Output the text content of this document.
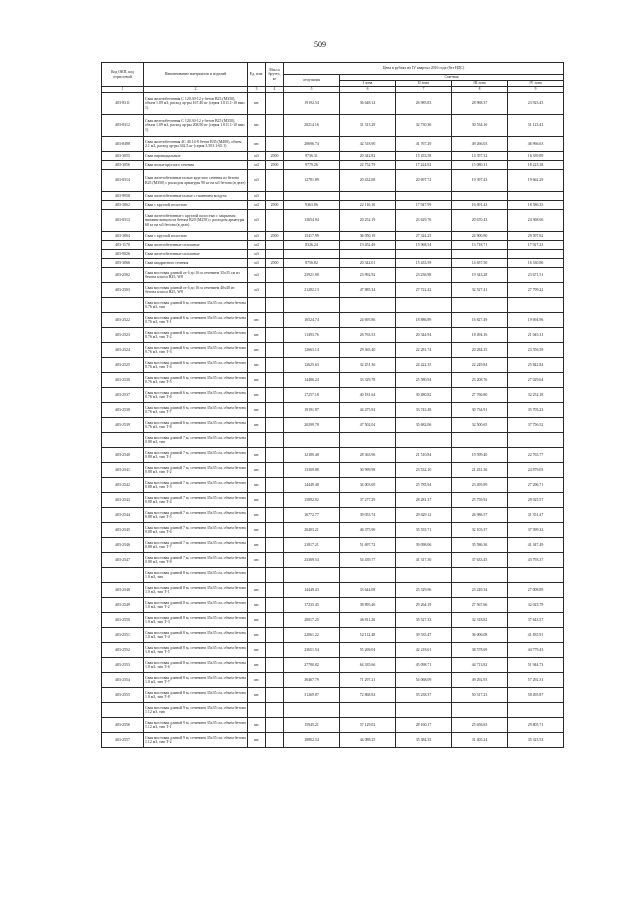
509
Код ОКП, код отраслевой	Наименование материалов и изделий	Ед. изм.	Масса брутто, кг	Цена в рублях на IV квартал 2016 года (без НДС)				
				отпускная	Сметная			
					I зона	II зона	III зона	IV зона
1	2	3	4	5	6	7	8	9
403-8311	Свая железобетонная С 120.30-12 у бетон В25 (М350), объем 1.09 м3, расход ар-ры 167.40 кг (серия 1.011.1-10 вып. 1)	шт.		19192.54	36 648.12	26 985.83	28 968.37	23 923.45
403-8312	Свая железобетонная С 120.30-12 у бетон В25 (М350), объем 1.09 м3, расход ар-ры 208.90 кг (серия 1.011.1-10 вып. 1)	шт.		20214.16	31 313.29	32 730.36	30 534.16	31 123.41
403-8498	Свая железобетонная 4С 40.14-8 бетон В35 (М400), объем 2.1 м3, расход ар-ры 342.5 кг (серия 3.503.1-65.1)	шт.		28696.74	42 518.90	41 767.29	49 266.03	46 966.63
403-3055	Сваи пирамидальные	м3	2500	9736.31	20 342.82	15 433.58	14 357.32	16 339.89
403-3056	Сваи полые круглого сечения	м3	2500	9779.26	22 752.79	17 224.92	15 080.31	18 223.38
403-8314	Сваи железобетонные полые круглого сечения из бетона В25 (М350) с расходом арматуры 90 кг на м3 бетона (в деле)	м3		12781.89	20 432.68	20 697.72	19 397.43	19 662.29
403-9058	Сваи железобетонные полые с гашением воздуха	м3						
403-3062	Сваи с круглой полостью	м3	2500	9363.86	22 116.10	17 947.99	16 491.43	18 586.35
403-8313	Сваи железобетонные с круглой полостью с закрытым нижним концом из бетона В20 (М250) с расходом арматуры 60 кг на м3 бетона (в деле)	м3		13654.94	20 252.19	23 629.76	20 670.43	24 368.66
403-3064	Сваи с круглой полостью	м3	2500	15417.99	36 050.19	27 324.25	24 900.90	29 597.62
403-1170	Сваи железобетонные сплошные	м3		8326.24	19 452.49	15 968.54	13 718.71	17 927.23
403-9026	Сваи железобетонные сплошные	м3						
403-3066	Сваи квадратного сечения	м3	2500	8756.82	20 342.01	15 433.59	14 657.50	16 330.86
403-2502	Свая мостовая длиной от 6 до 16 м сечением 35х35 см из бетона класса В25, W8	м3		23921.90	23 992.92	23 236.98	19 343.28	23 671.51
403-2503	Свая мостовая длиной от 6 до 16 м сечением 40х40 из бетона класса В25, W8	м3		21282.13	47 885.34	27 722.42	32 527.41	27 799.22
	Свая мостовая длиной 6 м, сечением 35х35 см, объем бетона 0.76 м3, тип							
403-2522	Свая мостовая длиной 6 м, сечением 35х35 см, объем бетона 0.76 м3, тип Т-1	шт.		16524.74	24 695.86	18 886.89	16 827.49	19 694.96
403-2523	Свая мостовая длиной 6 м, сечением 35х35 см, объем бетона 0.76 м3, тип Т-2	шт.		11493.76	26 763.53	20 344.94	18 494.16	21 045.31
403-2524	Свая мостовая длиной 6 м, сечением 35х35 см, объем бетона 0.76 м3, тип Т-3	шт.		12663.14	29 365.40	22 281.74	20 284.35	23 556.59
403-2525	Свая мостовая длиной 6 м, сечением 35х35 см, объем бетона 0.76 м3, тип Т-4	шт.		13625.63	32 251.36	24 422.35	22 249.84	25 842.84
403-2530	Свая мостовая длиной 6 м, сечением 35х35 см, объем бетона 0.76 м3, тип Т-5	шт.		14486.24	33 329.78	25 580.94	23 208.76	27 029.64
403-2537	Свая мостовая длиной 6 м, сечением 35х35 см, объем бетона 0.76 м3, тип Т-6	шт.		17257.18	40 181.64	30 480.82	27 766.80	32 252.18
403-2538	Свая мостовая длиной 6 м, сечением 35х35 см, объем бетона 0.76 м3, тип Т-7	шт.		19191.87	44 475.92	33 743.48	30 734.91	35 705.23
403-2539	Свая мостовая длиной 6 м, сечением 35х35 см, объем бетона 0.76 м3, тип Т-8	шт.		20299.78	47 502.04	35 682.06	32 500.65	37 756.52
	Свая мостовая длиной 7 м, сечением 35х35 см, объем бетона 0.88 м3, тип							
403-2540	Свая мостовая длиной 7 м, сечением 35х35 см, объем бетона 0.88 м3, тип Т-1	шт.		12180.48	28 363.96	21 510.84	19 599.40	22 763.77
403-2541	Свая мостовая длиной 7 м, сечением 35х35 см, объем бетона 0.88 м3, тип Т-2	шт.		13309.88	30 999.98	23 532.10	21 431.36	24 879.03
403-2542	Свая мостовая длиной 7 м, сечением 35х35 см, объем бетона 0.88 м3, тип Т-3	шт.		14449.48	34 003.69	25 785.94	23 495.89	27 296.71
403-2543	Свая мостовая длиной 7 м, сечением 35х35 см, объем бетона 0.88 м3, тип Т-4	шт.		15892.92	37 277.29	28 281.37	25 759.92	29 925.57
403-2544	Свая мостовая длиной 7 м, сечением 35х35 см, объем бетона 0.88 м3, тип Т-5	шт.		16772.77	39 053.74	29 629.12	26 986.57	31 351.47
403-2545	Свая мостовая длиной 7 м, сечением 35х35 см, объем бетона 0.88 м3, тип Т-6	шт.		20403.21	46 375.90	35 535.71	32 103.37	37 399.32
403-2546	Свая мостовая длиной 7 м, сечением 35х35 см, объем бетона 0.88 м3, тип Т-7	шт.		21817.21	51 697.72	39 098.06	35 586.36	41 347.49
403-2547	Свая мостовая длиной 7 м, сечением 35х35 см, объем бетона 0.88 м3, тип Т-8	шт.		23369.54	54 439.77	41 317.30	37 633.45	43 793.37
	Свая мостовая длиной 8 м, сечением 35х35 см, объем бетона 1.0 м3, тип							
403-2548	Свая мостовая длиной 8 м, сечением 35х35 см, объем бетона 1.0 м3, тип Т-1	шт.		14449.43	33 644.08	25 529.96	23 249.34	27 008.89
403-2549	Свая мостовая длиной 8 м, сечением 35х35 см, объем бетона 1.0 м3, тип Т-2	шт.		17233.45	38 895.46	29 264.19	27 567.66	32 023.79
403-2550	Свая мостовая длиной 8 м, сечением 35х35 см, объем бетона 1.0 м3, тип Т-3	шт.		20017.25	46 811.26	35 527.33	32 318.82	37 643.57
403-2551	Свая мостовая длиной 8 м, сечением 35х35 см, объем бетона 1.0 м3, тип Т-4	шт.		22061.22	52 112.48	39 535.47	36 006.08	41 835.91
403-2552	Свая мостовая длиной 8 м, сечением 35х35 см, объем бетона 1.0 м3, тип Т-5	шт.		23651.54	55 269.04	42 218.61	38 578.69	44 779.43
403-2553	Свая мостовая длиной 8 м, сечением 35х35 см, объем бетона 1.0 м3, тип Т-6	шт.		27780.82	64 335.66	45 098.71	44 713.82	51 944.73
403-2554	Свая мостовая длиной 8 м, сечением 35х35 см, объем бетона 1.0 м3, тип Т-7	шт.		30467.79	71 297.21	54 068.09	49 292.93	57 292.31
403-2555	Свая мостовая длиной 8 м, сечением 35х35 см, объем бетона 1.0 м3, тип Т-8	шт.		31269.87	72 868.82	55 238.37	50 317.23	58 495.87
	Свая мостовая длиной 9 м, сечением 35х35 см, объем бетона 1.12 м3, тип							
403-2556	Свая мостовая длиной 9 м, сечением 35х35 см, объем бетона 1.12 м3, тип Т-1	шт.		15945.21	37 129.02	28 160.17	25 656.63	29 805.71
403-2557	Свая мостовая длиной 9 м, сечением 35х35 см, объем бетона 1.12 м3, тип Т-2	шт.		18802.54	44 088.25	35 384.35	31 405.24	35 323.53
